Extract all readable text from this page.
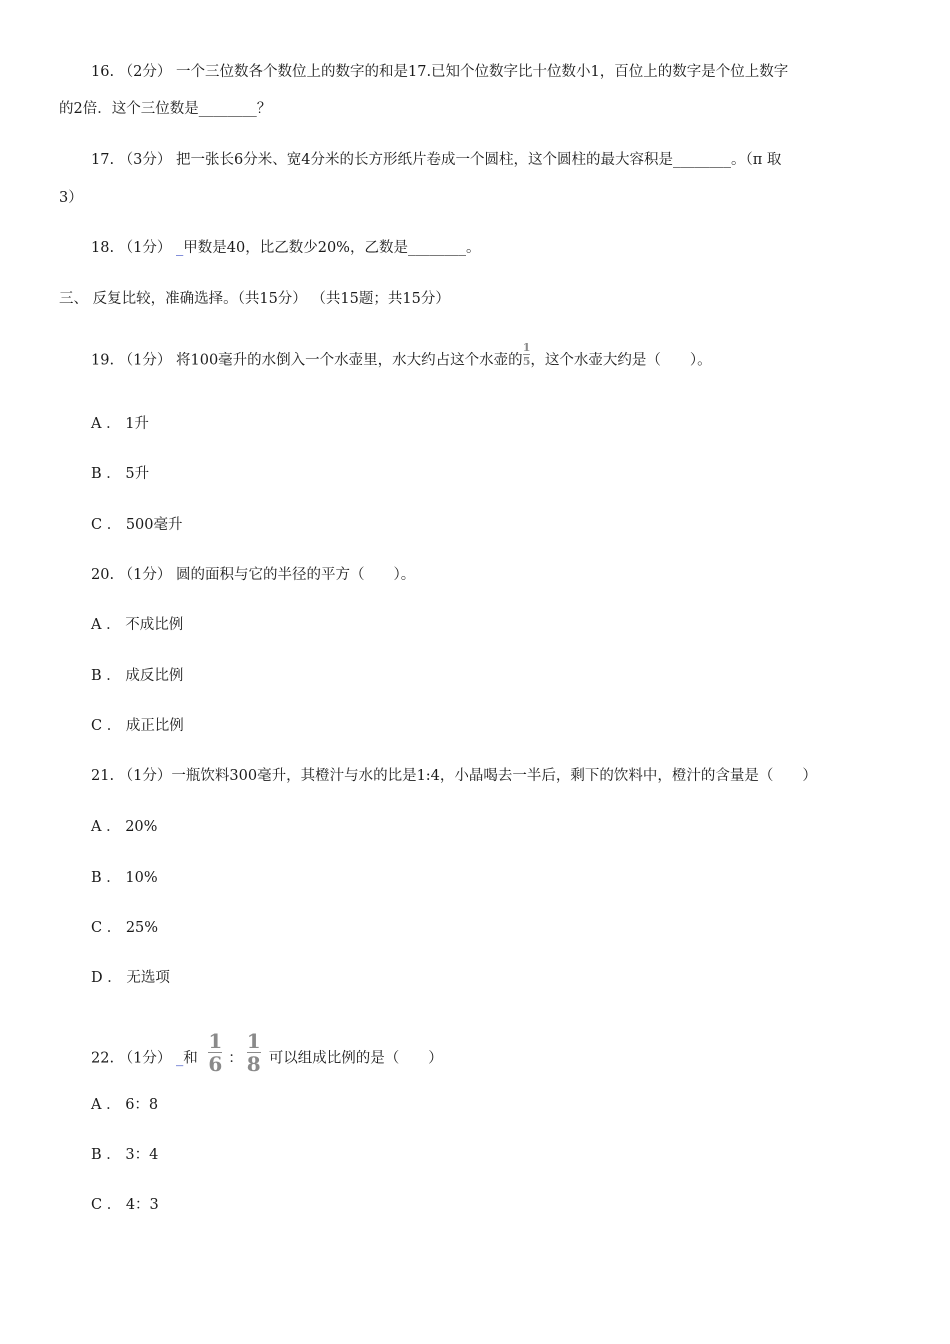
16. （2分） 一个三位数各个数位上的数字的和是17.已知个位数字比十位数小1，百位上的数字是个位上数字
的2倍．这个三位数是________？
17. （3分） 把一张长6分米、宽4分米的长方形纸片卷成一个圆柱，这个圆柱的最大容积是________。（π 取
3）
18. （1分） _甲数是40，比乙数少20%，乙数是________。
三、 反复比较，准确选择。（共15分） （共15题；共15分）
19. （1分） 将100毫升的水倒入一个水壶里，水大约占这个水壶的 $\frac{1}{5}$ ，这个水壶大约是（　　）。
A ． 1升
B ． 5升
C ． 500毫升
20. （1分） 圆的面积与它的半径的平方（　　）。
A ． 不成比例
B ． 成反比例
C ． 成正比例
21. （1分）一瓶饮料300毫升，其橙汁与水的比是1:4，小晶喝去一半后，剩下的饮料中，橙汁的含量是（　　）
A ． 20%
B ． 10%
C ． 25%
D ． 无选项
22. （1分） _和 $\frac{1}{6}$ ： $\frac{1}{8}$ 可以组成比例的是（　　）
A ． 6：8
B ． 3：4
C ． 4：3
